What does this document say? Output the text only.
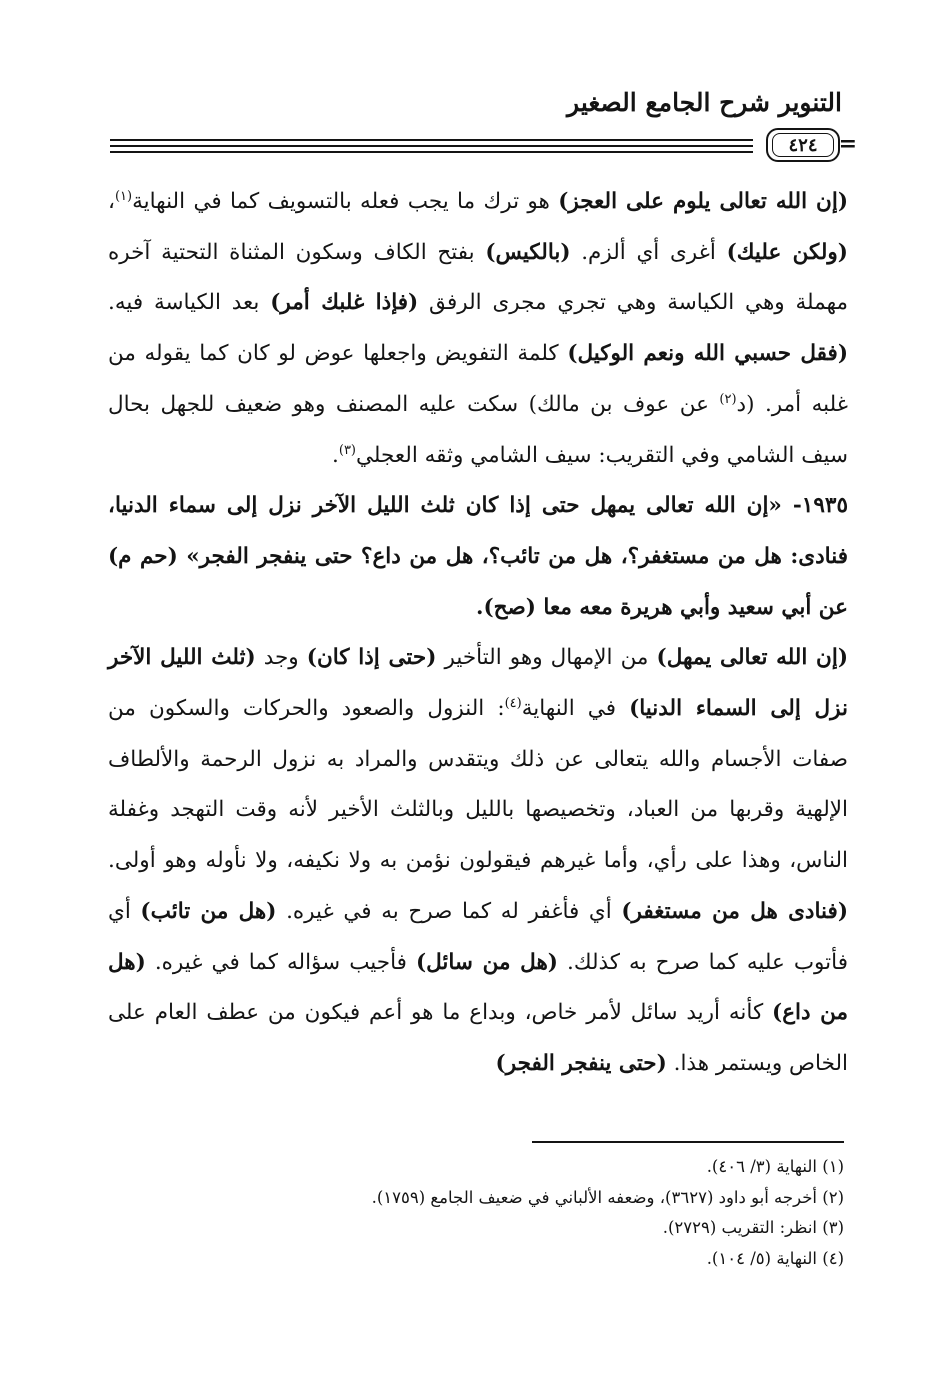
التنوير شرح الجامع الصغير
٤٢٤ =

(إن الله تعالى يلوم على العجز) هو ترك ما يجب فعله بالتسويف كما في النهاية$^{(١)}$، (ولكن عليك) أغرى أي ألزم. (بالكيس) بفتح الكاف وسكون المثناة التحتية آخره مهملة وهي الكياسة وهي تجري مجرى الرفق (فإذا غلبك أمر) بعد الكياسة فيه. (فقل حسبي الله ونعم الوكيل) كلمة التفويض واجعلها عوض لو كان كما يقوله من غلبه أمر. (د$^{(٢)}$ عن عوف بن مالك) سكت عليه المصنف وهو ضعيف للجهل بحال سيف الشامي وفي التقريب: سيف الشامي وثقه العجلي$^{(٣)}$.

١٩٣٥- «إن الله تعالى يمهل حتى إذا كان ثلث الليل الآخر نزل إلى سماء الدنيا، فنادى: هل من مستغفر؟، هل من تائب؟، هل من داع؟ حتى ينفجر الفجر» (حم م) عن أبي سعيد وأبي هريرة معه معا (صح).

(إن الله تعالى يمهل) من الإمهال وهو التأخير (حتى إذا كان) وجد (ثلث الليل الآخر نزل إلى السماء الدنيا) في النهاية$^{(٤)}$: النزول والصعود والحركات والسكون من صفات الأجسام والله يتعالى عن ذلك ويتقدس والمراد به نزول الرحمة والألطاف الإلهية وقربها من العباد، وتخصيصها بالليل وبالثلث الأخير لأنه وقت التهجد وغفلة الناس، وهذا على رأي، وأما غيرهم فيقولون نؤمن به ولا نكيفه، ولا نأوله وهو أولى. (فنادى هل من مستغفر) أي فأغفر له كما صرح به في غيره. (هل من تائب) أي فأتوب عليه كما صرح به كذلك. (هل من سائل) فأجيب سؤاله كما في غيره. (هل من داع) كأنه أريد سائل لأمر خاص، وبداع ما هو أعم فيكون من عطف العام على الخاص ويستمر هذا. (حتى ينفجر الفجر)

(١) النهاية (٣/ ٤٠٦).

(٢) أخرجه أبو داود (٣٦٢٧)، وضعفه الألباني في ضعيف الجامع (١٧٥٩).

(٣) انظر: التقريب (٢٧٢٩).

(٤) النهاية (٥/ ١٠٤).
